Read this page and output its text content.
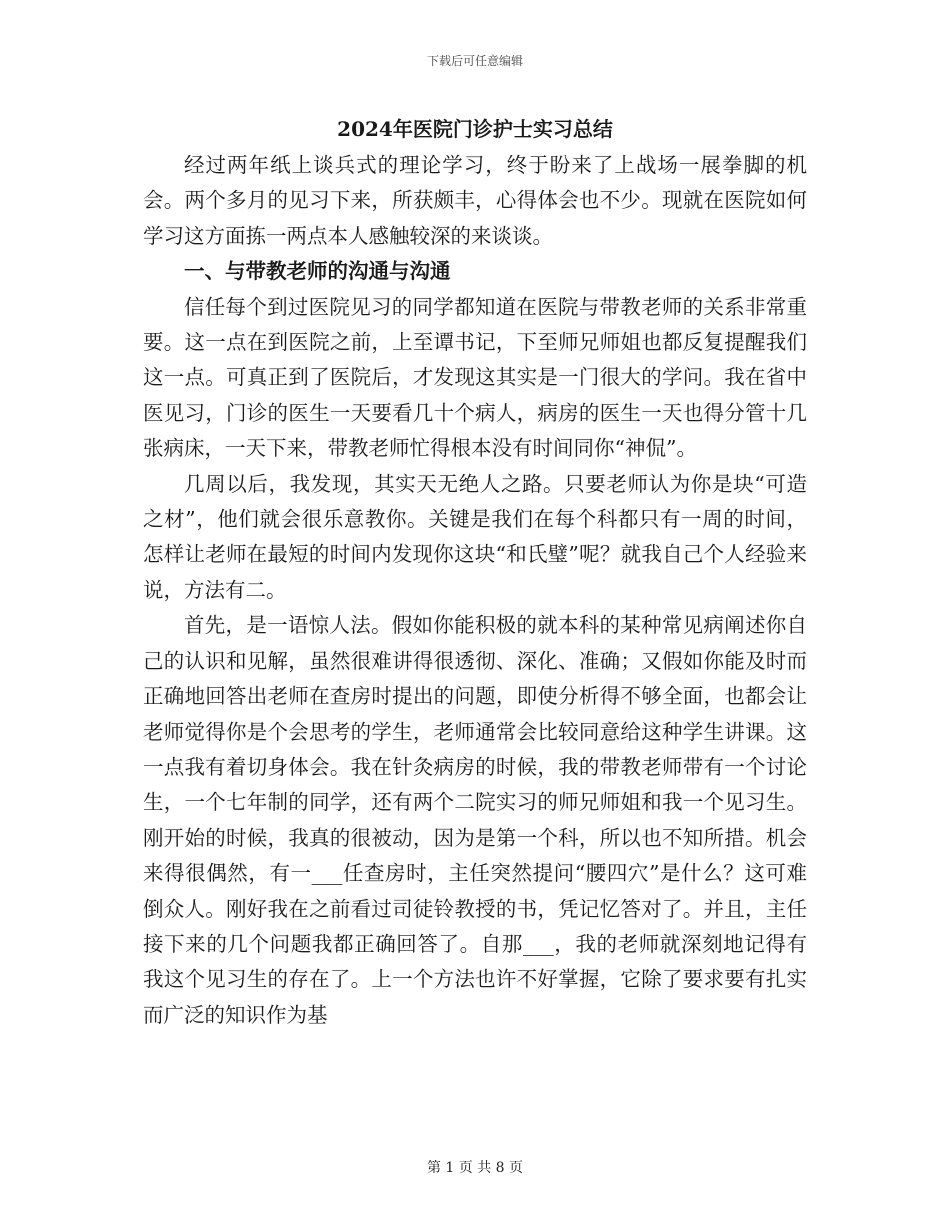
下载后可任意编辑
2024年医院门诊护士实习总结

经过两年纸上谈兵式的理论学习，终于盼来了上战场一展拳脚的机会。两个多月的见习下来，所获颇丰，心得体会也不少。现就在医院如何学习这方面拣一两点本人感触较深的来谈谈。

一、与带教老师的沟通与沟通

信任每个到过医院见习的同学都知道在医院与带教老师的关系非常重要。这一点在到医院之前，上至谭书记，下至师兄师姐也都反复提醒我们这一点。可真正到了医院后，才发现这其实是一门很大的学问。我在省中医见习，门诊的医生一天要看几十个病人，病房的医生一天也得分管十几张病床，一天下来，带教老师忙得根本没有时间同你“神侃”。

几周以后，我发现，其实天无绝人之路。只要老师认为你是块“可造之材”，他们就会很乐意教你。关键是我们在每个科都只有一周的时间，怎样让老师在最短的时间内发现你这块“和氏璧”呢？就我自己个人经验来说，方法有二。

首先，是一语惊人法。假如你能积极的就本科的某种常见病阐述你自己的认识和见解，虽然很难讲得很透彻、深化、准确；又假如你能及时而正确地回答出老师在查房时提出的问题，即使分析得不够全面，也都会让老师觉得你是个会思考的学生，老师通常会比较同意给这种学生讲课。这一点我有着切身体会。我在针灸病房的时候，我的带教老师带有一个讨论生，一个七年制的同学，还有两个二院实习的师兄师姐和我一个见习生。刚开始的时候，我真的很被动，因为是第一个科，所以也不知所措。机会来得很偶然，有一___任查房时，主任突然提问“腰四穴”是什么？这可难倒众人。刚好我在之前看过司徒铃教授的书，凭记忆答对了。并且，主任接下来的几个问题我都正确回答了。自那___，我的老师就深刻地记得有我这个见习生的存在了。上一个方法也许不好掌握，它除了要求要有扎实而广泛的知识作为基

第 1 页 共 8 页
